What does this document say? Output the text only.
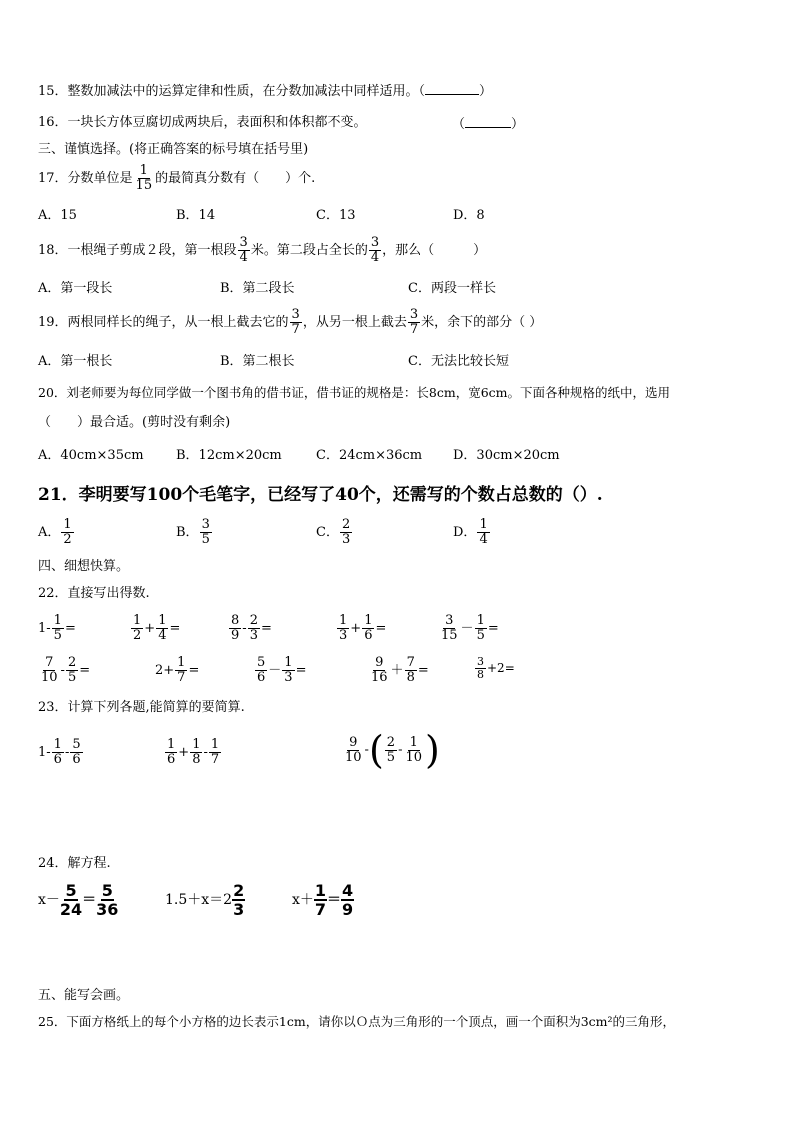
15．整数加减法中的运算定律和性质，在分数加减法中同样适用。（	）
16．一块长方体豆腐切成两块后，表面积和体积都不变。	（	）
三、谨慎选择。(将正确答案的标号填在括号里)
17．分数单位是 $\frac{1}{15}$ 的最简真分数有（　　）个.
A．15	B．14	C．13	D．8
18．一根绳子剪成２段，第一根段 $\frac{3}{4}$ 米。第二段占全长的 $\frac{3}{4}$ ，那么（　　　）
A．第一段长	B．第二段长	C．两段一样长
19．两根同样长的绳子，从一根上截去它的 $\frac{3}{7}$ ，从另一根上截去 $\frac{3}{7}$ 米，余下的部分（ ）
A．第一根长	B．第二根长	C．无法比较长短
20．刘老师要为每位同学做一个图书角的借书证，借书证的规格是：长8cm，宽6cm。下面各种规格的纸中，选用
（　　）最合适。(剪时没有剩余)
A．40cm×35cm B．12cm×20cm	C．24cm×36cm D．30cm×20cm
21．李明要写100个毛笔字，已经写了40个，还需写的个数占总数的（）.
A． $\frac{1}{2}$	B． $\frac{3}{5}$	C． $\frac{2}{3}$	D． $\frac{1}{4}$
四、细想快算。
22．直接写出得数.
$1- \frac{1}{5}$ =	$\frac{1}{2} + \frac{1}{4}$ =	$\frac{8}{9} - \frac{2}{3}$ =	$\frac{1}{3} + \frac{1}{6}$ =	$\frac{3}{15} - \frac{1}{5}$ =
$\frac{7}{10} - \frac{2}{5}$ =	$2+ \frac{1}{7}$ =	$\frac{5}{6} - \frac{1}{3}$ =	$\frac{9}{16} + \frac{7}{8}$ =	$\frac{3}{8} +2=$
23．计算下列各题,能简算的要简算.
$1- \frac{1}{6} - \frac{5}{6}$	$\frac{1}{6} + \frac{1}{8} - \frac{1}{7}$	$\frac{9}{10}$ -( $\frac{2}{5} - \frac{1}{10}$ )
24．解方程.
$x- \frac{5}{24} = \frac{5}{36}$	$1.5+x=2 \frac{2}{3}$	$x+ \frac{1}{7} = \frac{4}{9}$
五、能写会画。
25．下面方格纸上的每个小方格的边长表示1cm，请你以Ｏ点为三角形的一个顶点，画一个面积为3cm²的三角形，
